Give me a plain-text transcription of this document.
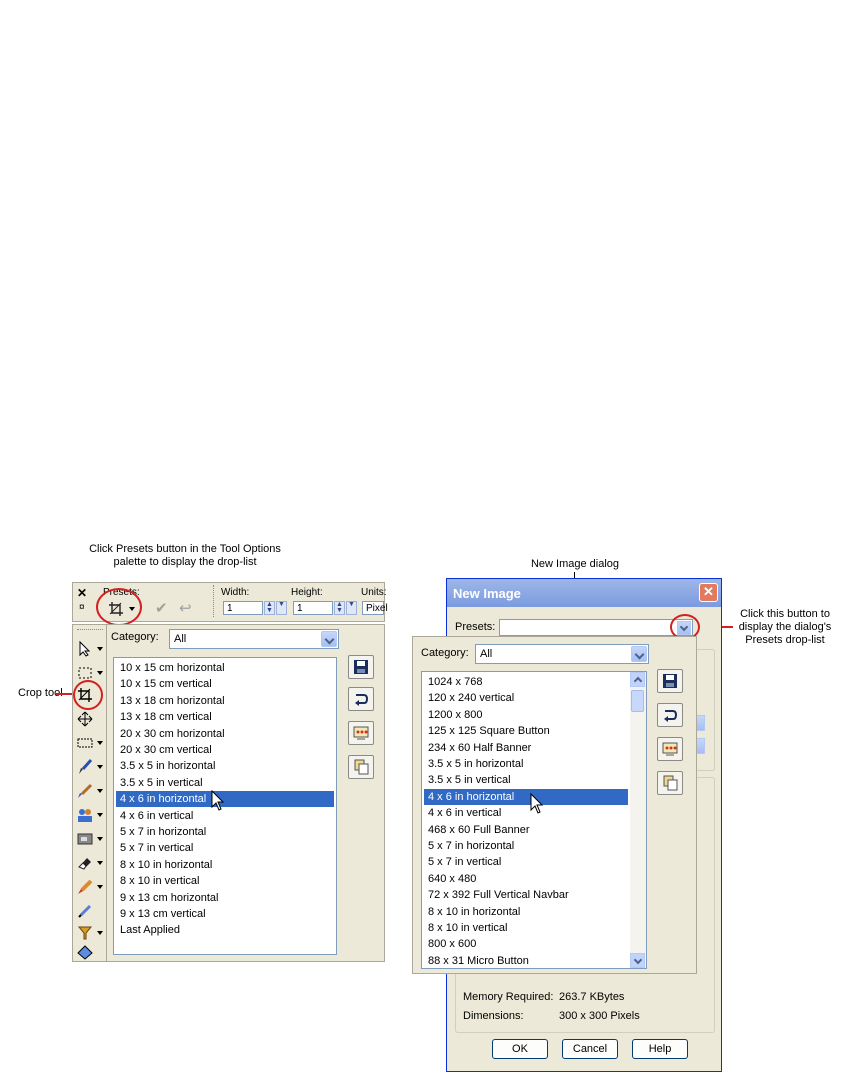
Click Presets button in the Tool Options
palette to display the drop-list	New Image dialog
Crop tool
Click this button to
display the dialog's
Presets drop-list
✕
¤
Presets:
✔ ↩
Width:
1	▲
▼
▼
Height:
1	▲
▼
▼
Units:
Pixel
Category: All
10 x 15 cm horizontal
10 x 15 cm vertical
13 x 18 cm horizontal
13 x 18 cm vertical
20 x 30 cm horizontal
20 x 30 cm vertical
3.5 x 5 in horizontal
3.5 x 5 in vertical
4 x 6 in horizontal
4 x 6 in vertical
5 x 7 in horizontal
5 x 7 in vertical
8 x 10 in horizontal
8 x 10 in vertical
9 x 13 cm horizontal
9 x 13 cm vertical
Last Applied
New Image	✕
Presets:
Memory Required: 263.7 KBytes
Dimensions:	300 x 300 Pixels
OK	Cancel	Help
Category: All
1024 x 768
120 x 240 vertical
1200 x 800
125 x 125 Square Button
234 x 60 Half Banner
3.5 x 5 in horizontal
3.5 x 5 in vertical
4 x 6 in horizontal
4 x 6 in vertical
468 x 60 Full Banner
5 x 7 in horizontal
5 x 7 in vertical
640 x 480
72 x 392 Full Vertical Navbar
8 x 10 in horizontal
8 x 10 in vertical
800 x 600
88 x 31 Micro Button
